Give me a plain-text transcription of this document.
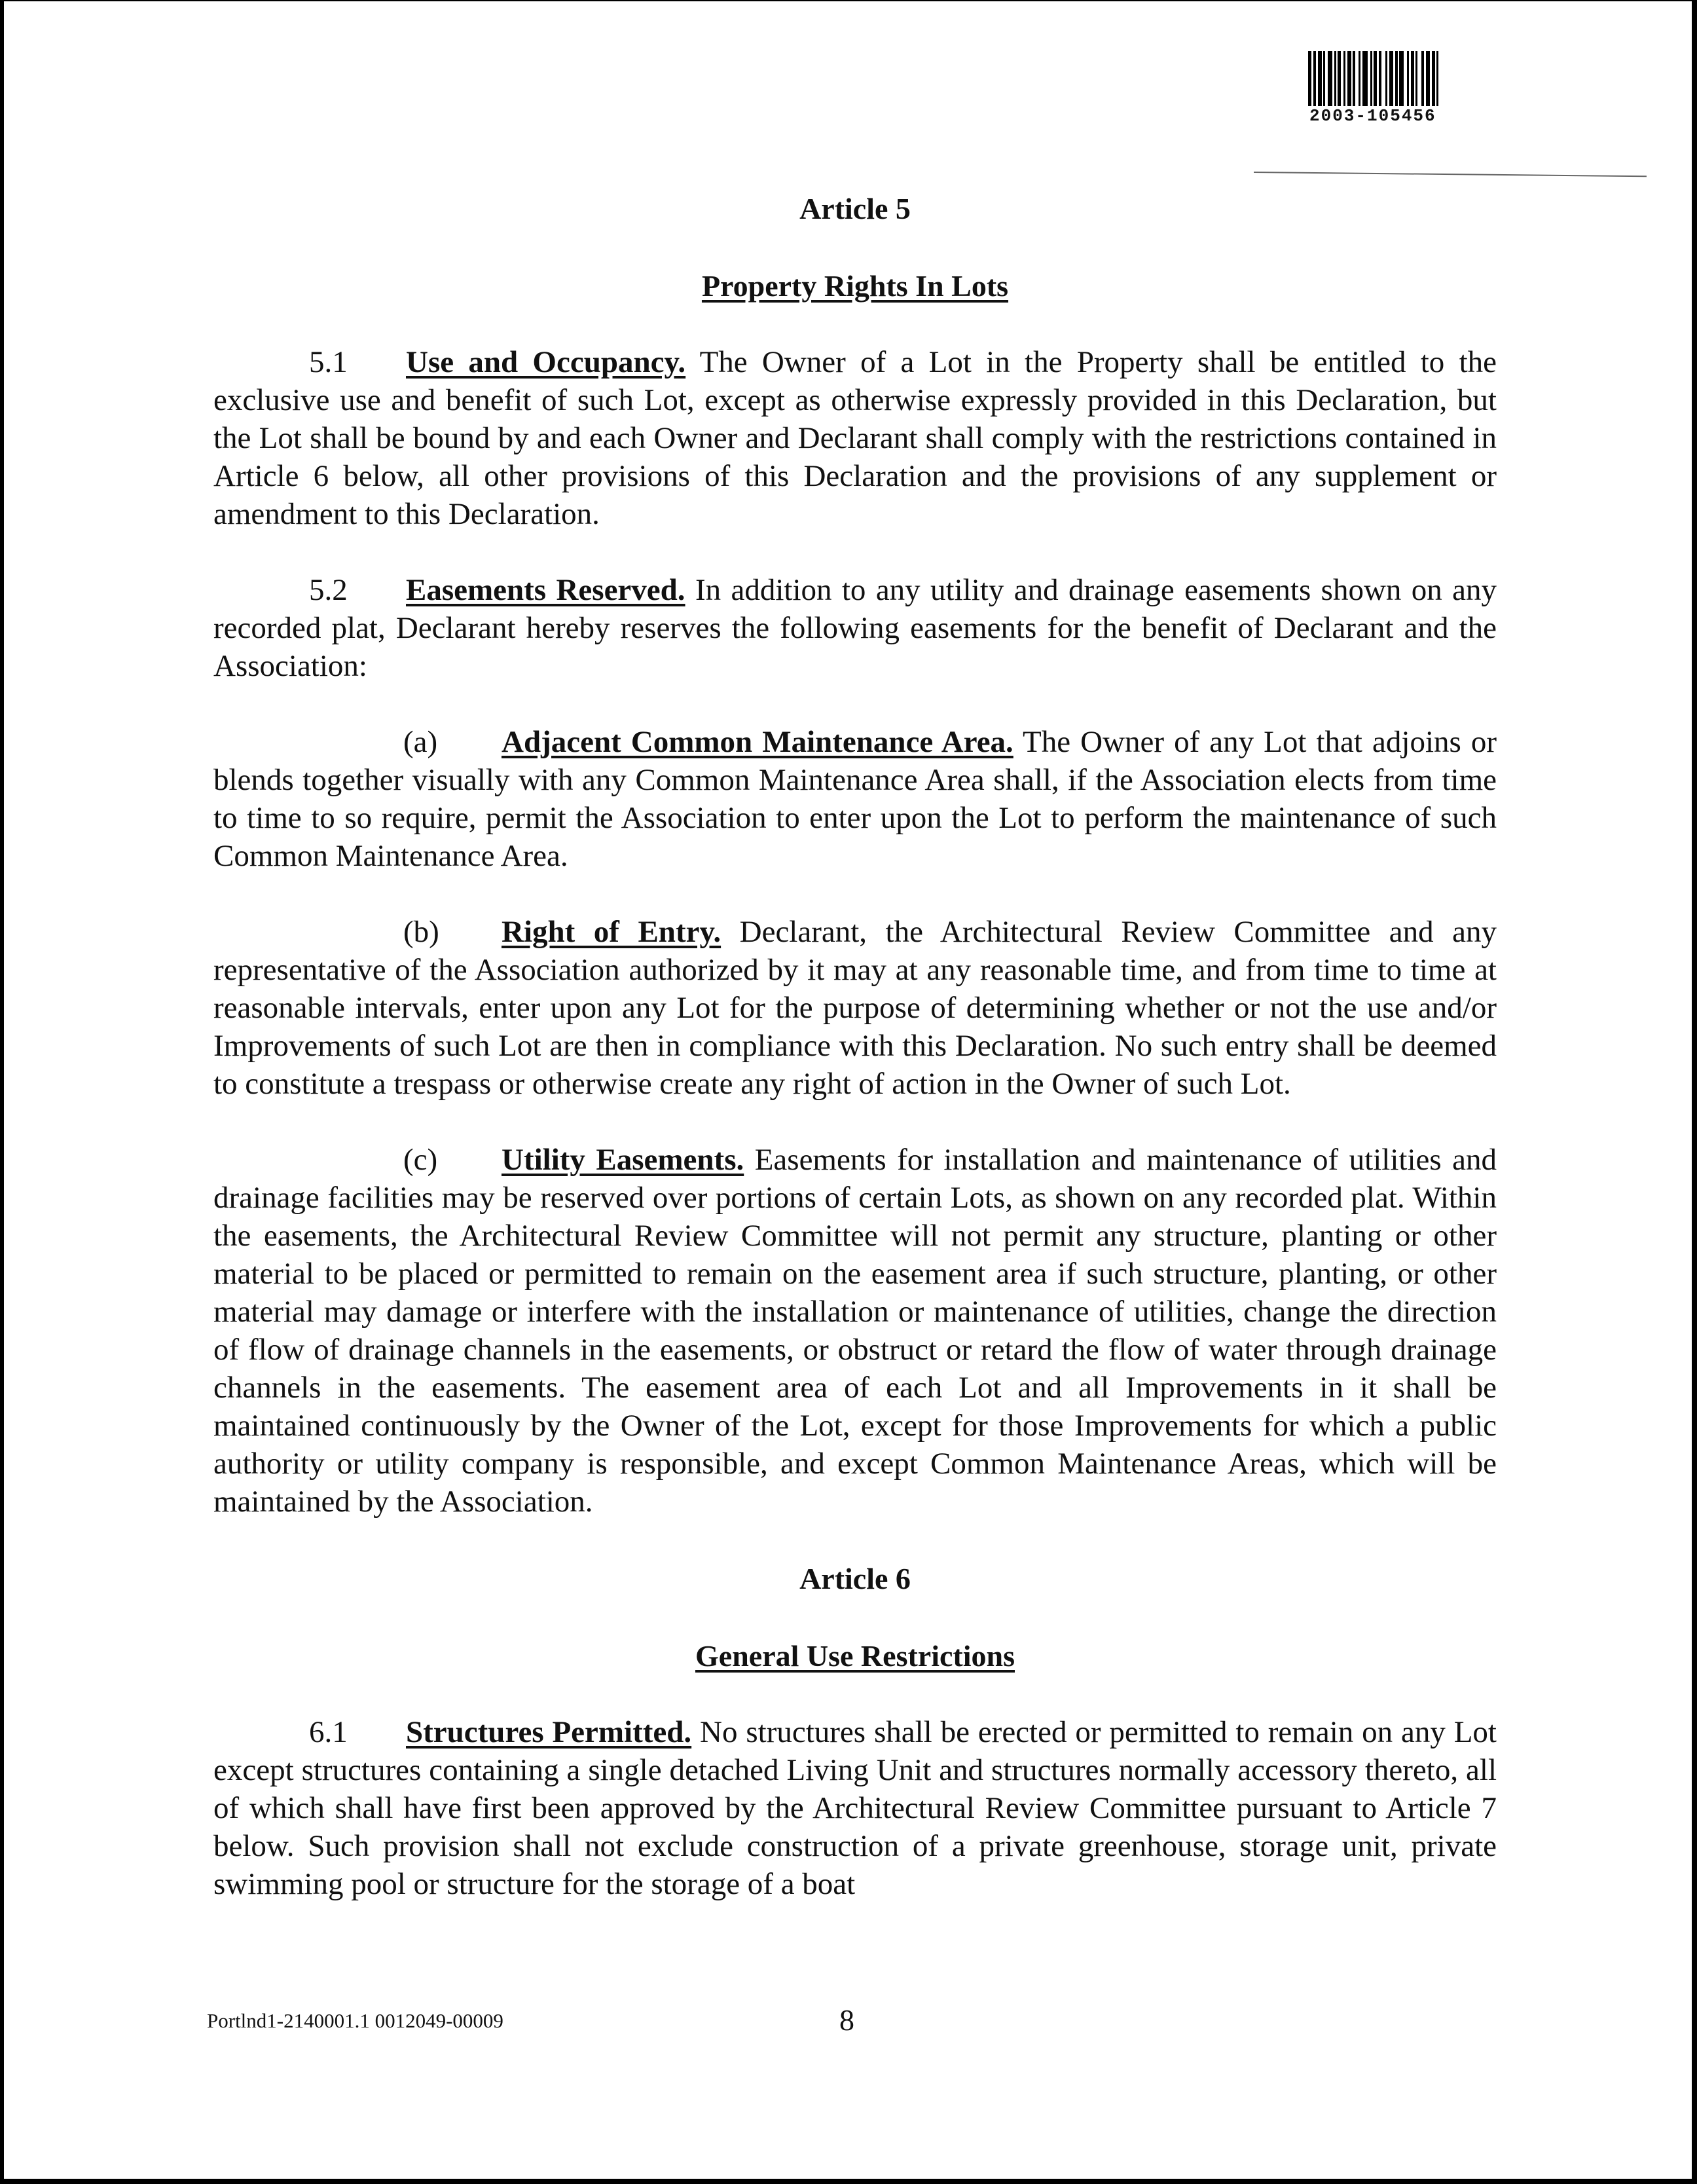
2003-105456
Article 5
Property Rights In Lots

5.1 Use and Occupancy. The Owner of a Lot in the Property shall be entitled to the exclusive use and benefit of such Lot, except as otherwise expressly provided in this Declaration, but the Lot shall be bound by and each Owner and Declarant shall comply with the restrictions contained in Article 6 below, all other provisions of this Declaration and the provisions of any supplement or amendment to this Declaration.

5.2 Easements Reserved. In addition to any utility and drainage easements shown on any recorded plat, Declarant hereby reserves the following easements for the benefit of Declarant and the Association:

(a) Adjacent Common Maintenance Area. The Owner of any Lot that adjoins or blends together visually with any Common Maintenance Area shall, if the Association elects from time to time to so require, permit the Association to enter upon the Lot to perform the maintenance of such Common Maintenance Area.

(b) Right of Entry. Declarant, the Architectural Review Committee and any representative of the Association authorized by it may at any reasonable time, and from time to time at reasonable intervals, enter upon any Lot for the purpose of determining whether or not the use and/or Improvements of such Lot are then in compliance with this Declaration. No such entry shall be deemed to constitute a trespass or otherwise create any right of action in the Owner of such Lot.

(c) Utility Easements. Easements for installation and maintenance of utilities and drainage facilities may be reserved over portions of certain Lots, as shown on any recorded plat. Within the easements, the Architectural Review Committee will not permit any structure, planting or other material to be placed or permitted to remain on the easement area if such structure, planting, or other material may damage or interfere with the installation or maintenance of utilities, change the direction of flow of drainage channels in the easements, or obstruct or retard the flow of water through drainage channels in the easements. The easement area of each Lot and all Improvements in it shall be maintained continuously by the Owner of the Lot, except for those Improvements for which a public authority or utility company is responsible, and except Common Maintenance Areas, which will be maintained by the Association.

Article 6
General Use Restrictions

6.1 Structures Permitted. No structures shall be erected or permitted to remain on any Lot except structures containing a single detached Living Unit and structures normally accessory thereto, all of which shall have first been approved by the Architectural Review Committee pursuant to Article 7 below. Such provision shall not exclude construction of a private greenhouse, storage unit, private swimming pool or structure for the storage of a boat

Portlnd1-2140001.1 0012049-00009	8
